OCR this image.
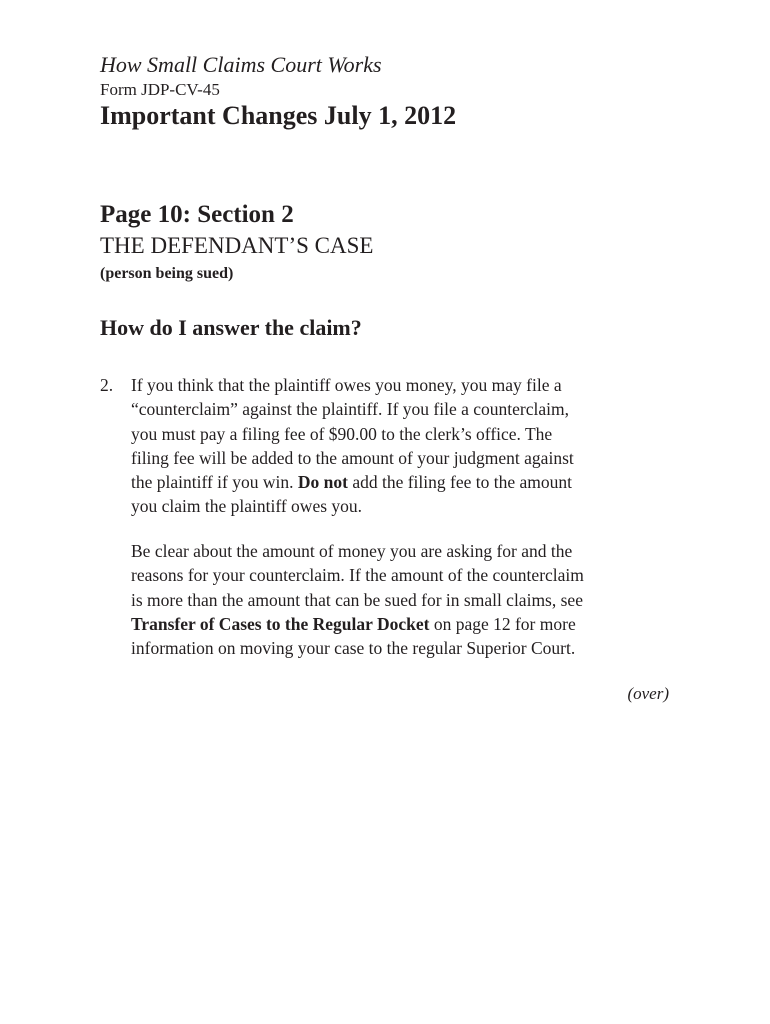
How Small Claims Court Works
Form JDP-CV-45
Important Changes July 1, 2012
Page 10: Section 2
THE DEFENDANT’S CASE
(person being sued)
How do I answer the claim?
2. If you think that the plaintiff owes you money, you may file a
“counterclaim” against the plaintiff. If you file a counterclaim,
you must pay a filing fee of $90.00 to the clerk’s office. The
filing fee will be added to the amount of your judgment against
the plaintiff if you win. Do not add the filing fee to the amount
you claim the plaintiff owes you.
Be clear about the amount of money you are asking for and the
reasons for your counterclaim. If the amount of the counterclaim
is more than the amount that can be sued for in small claims, see
Transfer of Cases to the Regular Docket on page 12 for more
information on moving your case to the regular Superior Court.
(over)
